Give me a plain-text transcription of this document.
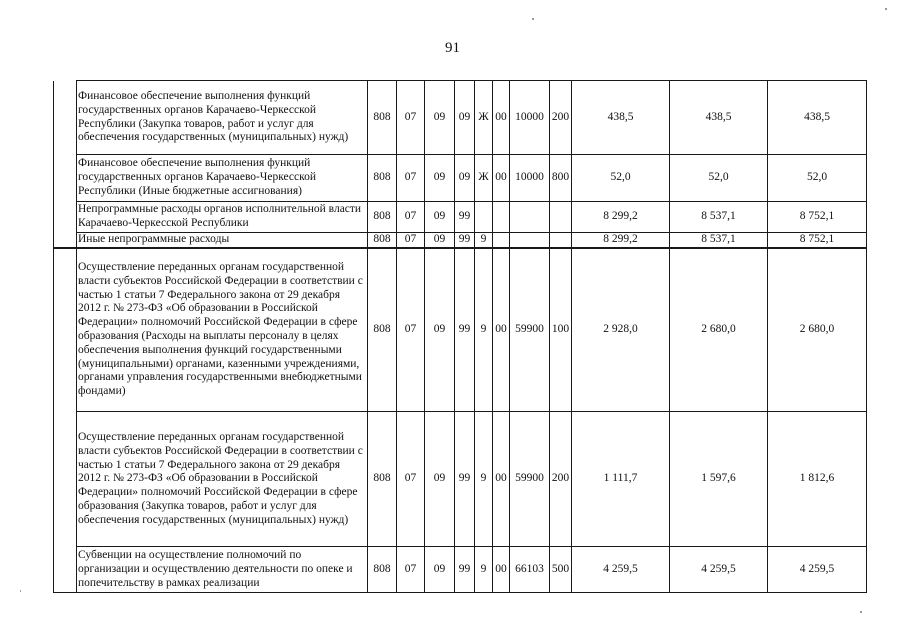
91
	Финансовое обеспечение выполнения функций государственных органов Карачаево-Черкесской Республики (Закупка товаров, работ и услуг для обеспечения государственных (муниципальных) нужд)	808	07	09	09	Ж	00	10000	200	438,5	438,5	438,5
	Финансовое обеспечение выполнения функций государственных органов Карачаево-Черкесской Республики (Иные бюджетные ассигнования)	808	07	09	09	Ж	00	10000	800	52,0	52,0	52,0
	Непрограммные расходы органов исполнительной власти Карачаево-Черкесской Республики	808	07	09	99					8 299,2	8 537,1	8 752,1
	Иные непрограммные расходы	808	07	09	99	9				8 299,2	8 537,1	8 752,1
	Осуществление переданных органам государственной власти субъектов Российской Федерации в соответствии с частью 1 статьи 7 Федерального закона от 29 декабря 2012 г. № 273-ФЗ «Об образовании в Российской Федерации» полномочий Российской Федерации в сфере образования (Расходы на выплаты персоналу в целях обеспечения выполнения функций государственными (муниципальными) органами, казенными учреждениями, органами управления государственными внебюджетными фондами)	808	07	09	99	9	00	59900	100	2 928,0	2 680,0	2 680,0
	Осуществление переданных органам государственной власти субъектов Российской Федерации в соответствии с частью 1 статьи 7 Федерального закона от 29 декабря 2012 г. № 273-ФЗ «Об образовании в Российской Федерации» полномочий Российской Федерации в сфере образования (Закупка товаров, работ и услуг для обеспечения государственных (муниципальных) нужд)	808	07	09	99	9	00	59900	200	1 111,7	1 597,6	1 812,6
	Субвенции на осуществление полномочий по организации и осуществлению деятельности по опеке и попечительству в рамках реализации	808	07	09	99	9	00	66103	500	4 259,5	4 259,5	4 259,5
